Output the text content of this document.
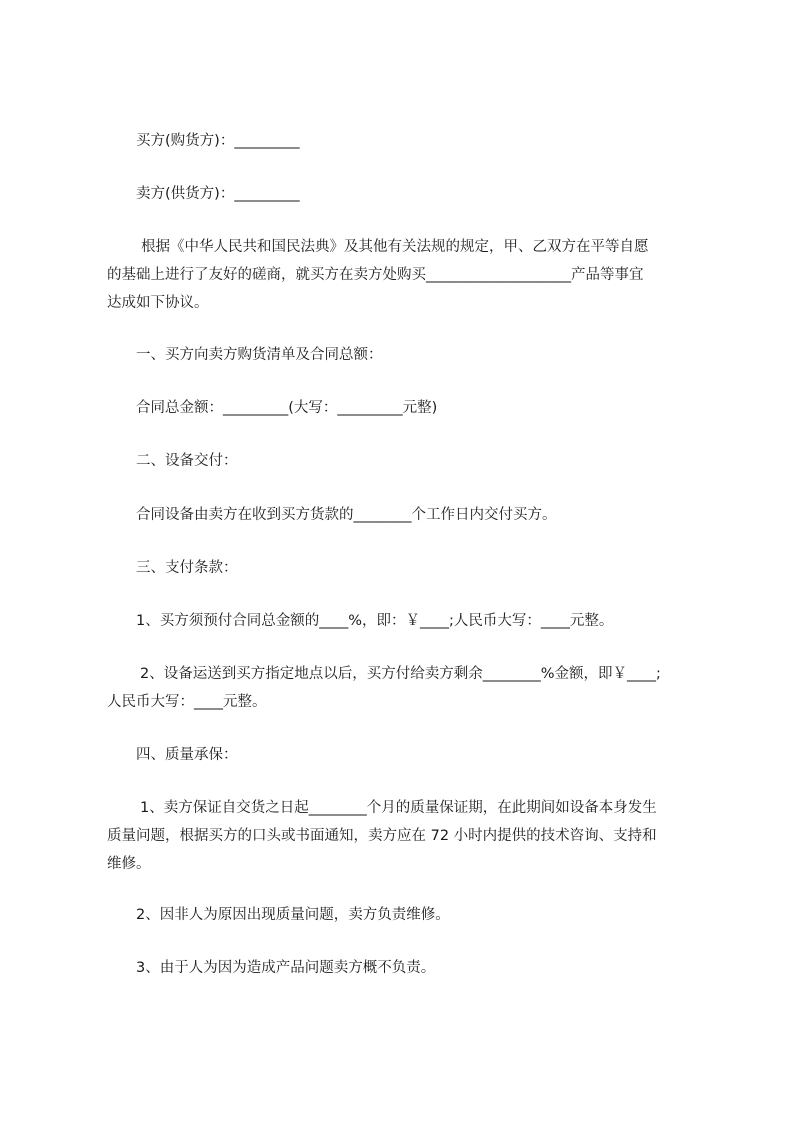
买方(购货方)：_________
卖方(供货方)：_________
根据《中华人民共和国民法典》及其他有关法规的规定，甲、乙双方在平等自愿
的基础上进行了友好的磋商，就买方在卖方处购买____________________产品等事宜
达成如下协议。
一、买方向卖方购货清单及合同总额：
合同总金额：_________(大写：_________元整)
二、设备交付：
合同设备由卖方在收到买方货款的________个工作日内交付买方。
三、支付条款：
1、买方须预付合同总金额的____%，即：￥____;人民币大写：____元整。
2、设备运送到买方指定地点以后，买方付给卖方剩余________%金额，即￥____;
人民币大写：____元整。
四、质量承保：
1、卖方保证自交货之日起________个月的质量保证期，在此期间如设备本身发生
质量问题，根据买方的口头或书面通知，卖方应在 72 小时内提供的技术咨询、支持和
维修。
2、因非人为原因出现质量问题，卖方负责维修。
3、由于人为因为造成产品问题卖方概不负责。
